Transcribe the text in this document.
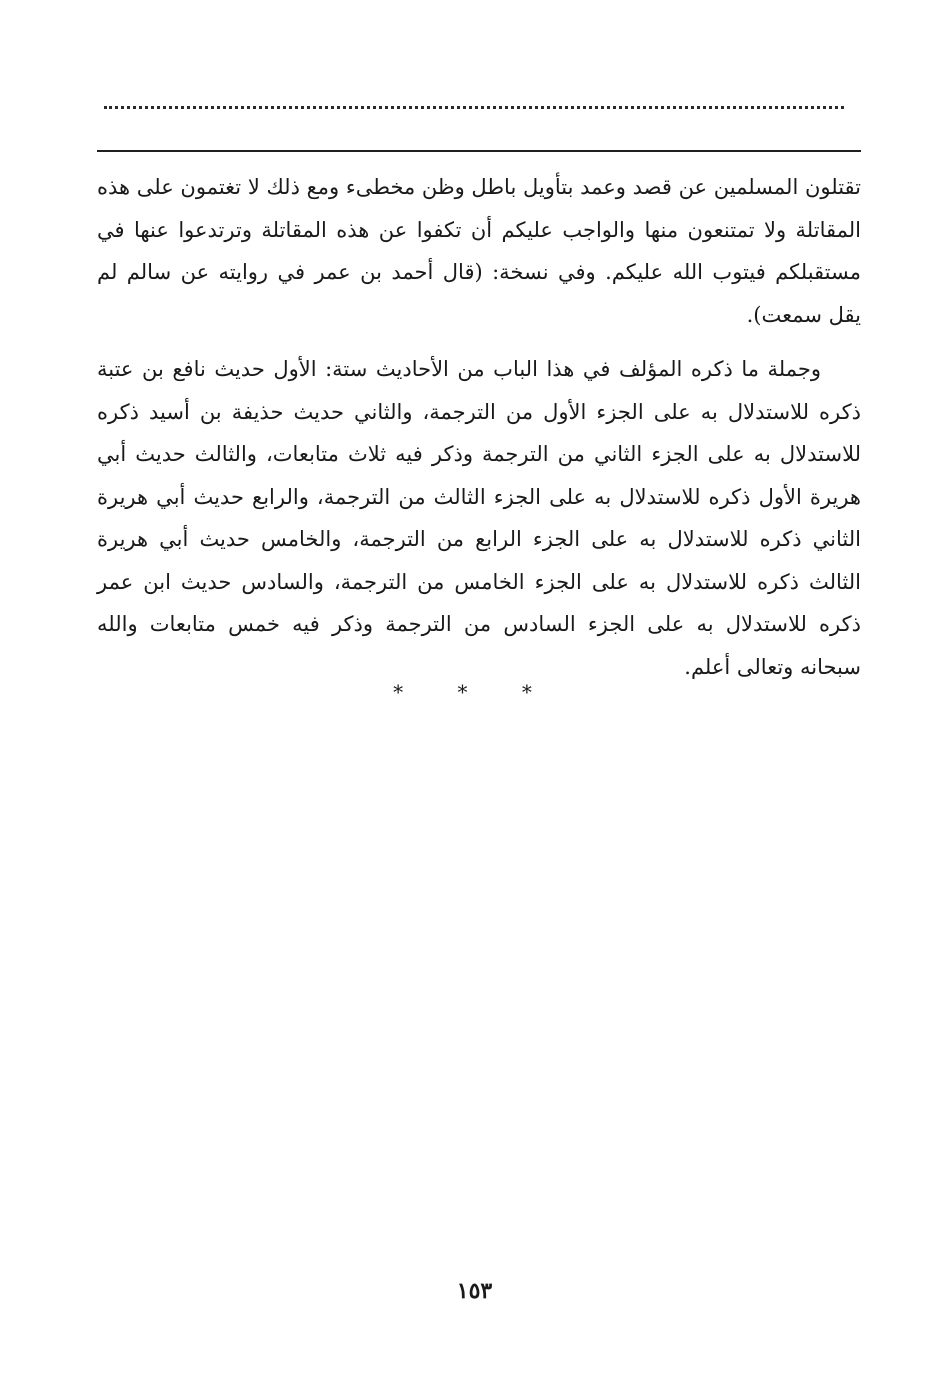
تقتلون المسلمين عن قصد وعمد بتأويل باطل وظن مخطىء ومع ذلك لا تغتمون على هذه المقاتلة ولا تمتنعون منها والواجب عليكم أن تكفوا عن هذه المقاتلة وترتدعوا عنها في مستقبلكم فيتوب الله عليكم. وفي نسخة: (قال أحمد بن عمر في روايته عن سالم لم يقل سمعت).

وجملة ما ذكره المؤلف في هذا الباب من الأحاديث ستة: الأول حديث نافع بن عتبة ذكره للاستدلال به على الجزء الأول من الترجمة، والثاني حديث حذيفة بن أسيد ذكره للاستدلال به على الجزء الثاني من الترجمة وذكر فيه ثلاث متابعات، والثالث حديث أبي هريرة الأول ذكره للاستدلال به على الجزء الثالث من الترجمة، والرابع حديث أبي هريرة الثاني ذكره للاستدلال به على الجزء الرابع من الترجمة، والخامس حديث أبي هريرة الثالث ذكره للاستدلال به على الجزء الخامس من الترجمة، والسادس حديث ابن عمر ذكره للاستدلال به على الجزء السادس من الترجمة وذكر فيه خمس متابعات والله سبحانه وتعالى أعلم.

* * *
١٥٣
